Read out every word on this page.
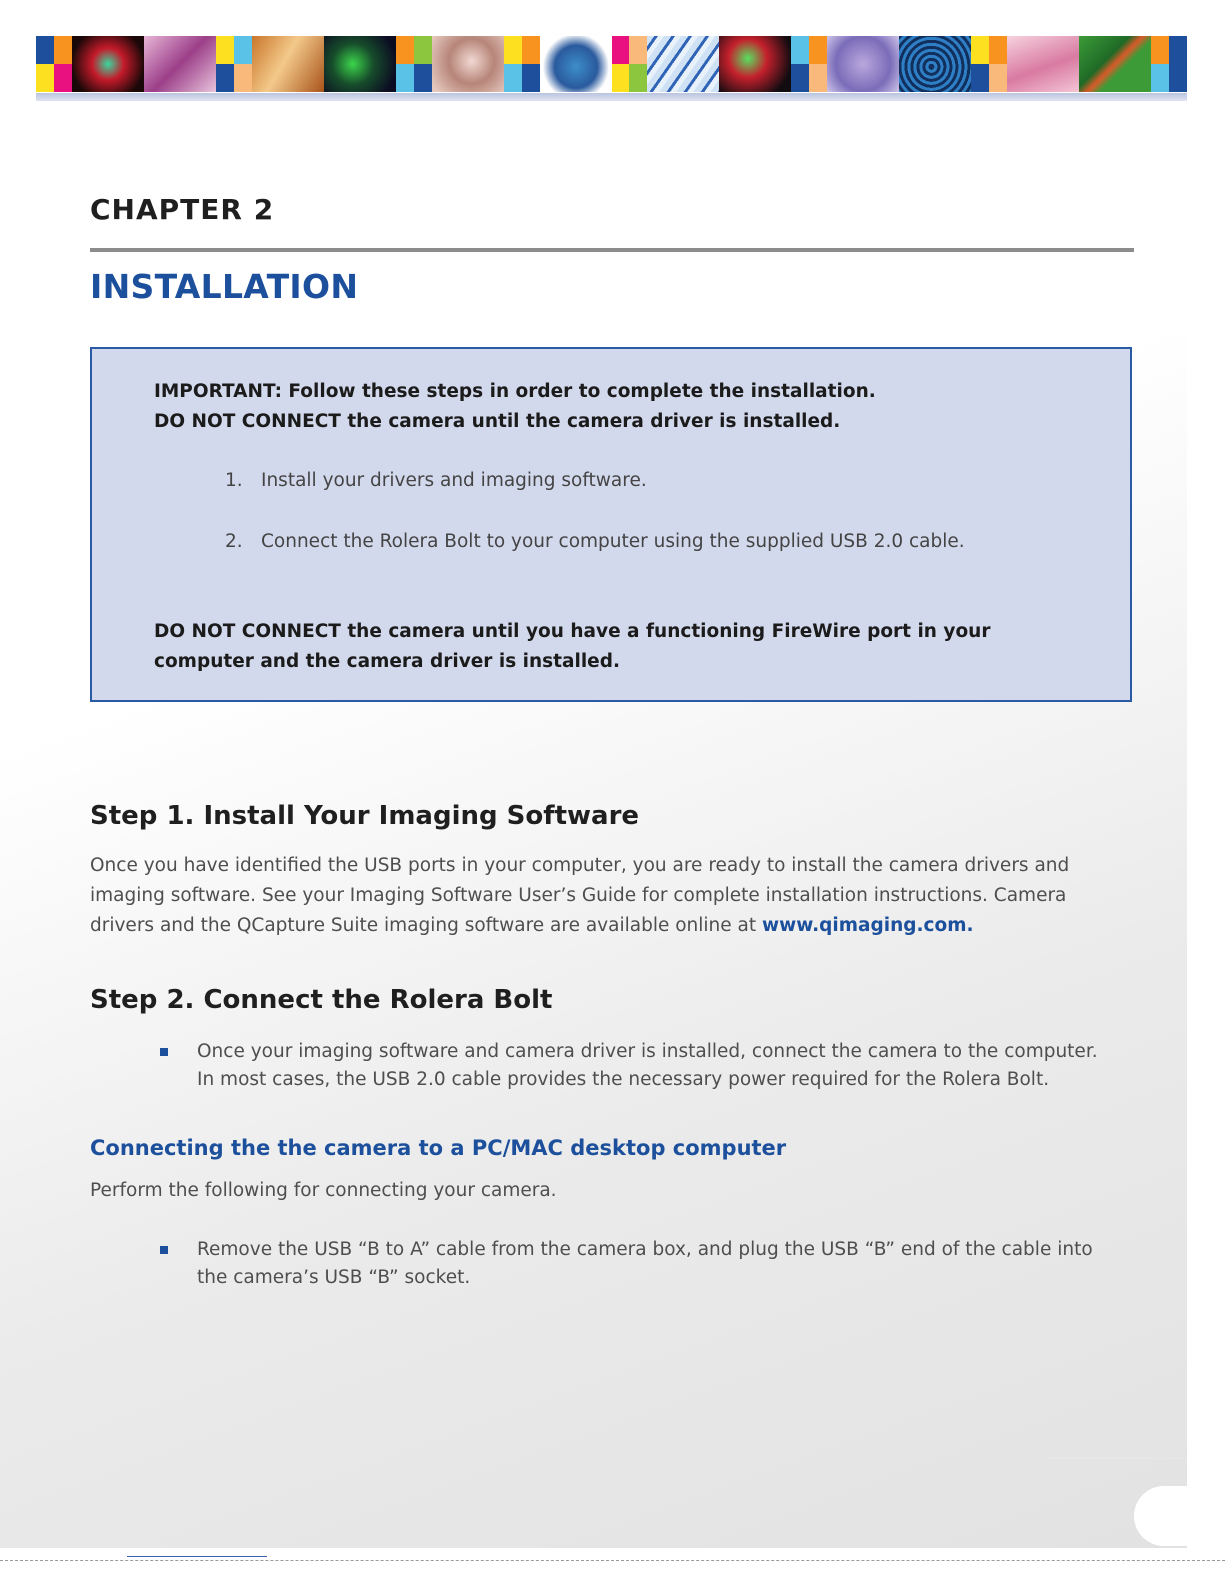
CHAPTER 2
INSTALLATION

IMPORTANT: Follow these steps in order to complete the installation.
DO NOT CONNECT the camera until the camera driver is installed.

1. Install your drivers and imaging software.
2. Connect the Rolera Bolt to your computer using the supplied USB 2.0 cable.

DO NOT CONNECT the camera until you have a functioning FireWire port in your
computer and the camera driver is installed.

Step 1. Install Your Imaging Software

Once you have identified the USB ports in your computer, you are ready to install the camera drivers and imaging software. See your Imaging Software User’s Guide for complete installation instructions. Camera drivers and the QCapture Suite imaging software are available online at www.qimaging.com.

Step 2. Connect the Rolera Bolt
Once your imaging software and camera driver is installed, connect the camera to the computer. In most cases, the USB 2.0 cable provides the necessary power required for the Rolera Bolt.
Connecting the the camera to a PC/MAC desktop computer

Perform the following for connecting your camera.

Remove the USB “B to A” cable from the camera box, and plug the USB “B” end of the cable into the camera’s USB “B” socket.
